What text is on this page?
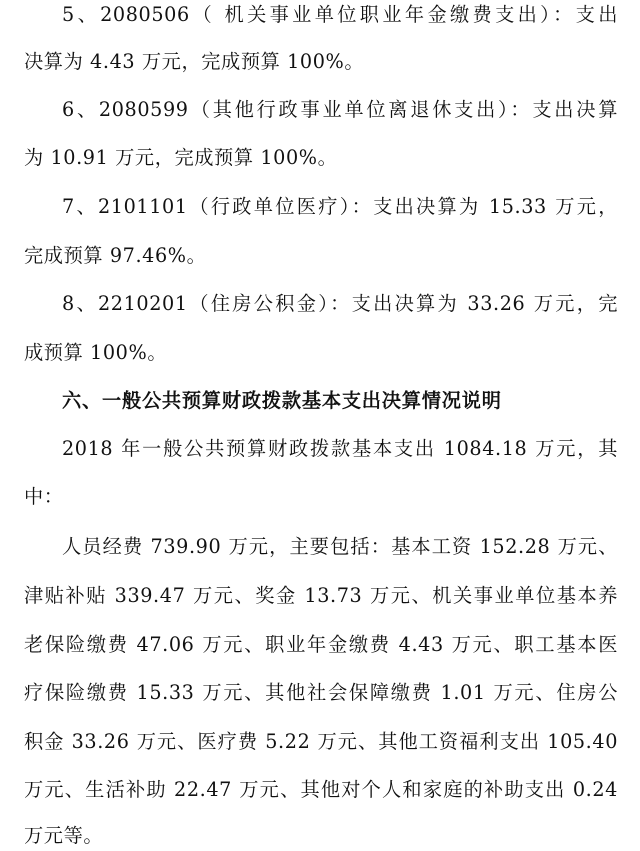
5、2080506（ 机关事业单位职业年金缴费支出）：支出
决算为 4.43 万元，完成预算 100%。
6、2080599（其他行政事业单位离退休支出）：支出决算
为 10.91 万元，完成预算 100%。
7、2101101（行政单位医疗）：支出决算为 15.33 万元，
完成预算 97.46%。
8、2210201（住房公积金）：支出决算为 33.26 万元，完
成预算 100%。
六、一般公共预算财政拨款基本支出决算情况说明
2018 年一般公共预算财政拨款基本支出 1084.18 万元，其
中：
人员经费 739.90 万元，主要包括：基本工资 152.28 万元、
津贴补贴 339.47 万元、奖金 13.73 万元、机关事业单位基本养
老保险缴费 47.06 万元、职业年金缴费 4.43 万元、职工基本医
疗保险缴费 15.33 万元、其他社会保障缴费 1.01 万元、住房公
积金 33.26 万元、医疗费 5.22 万元、其他工资福利支出 105.40
万元、生活补助 22.47 万元、其他对个人和家庭的补助支出 0.24
万元等。
